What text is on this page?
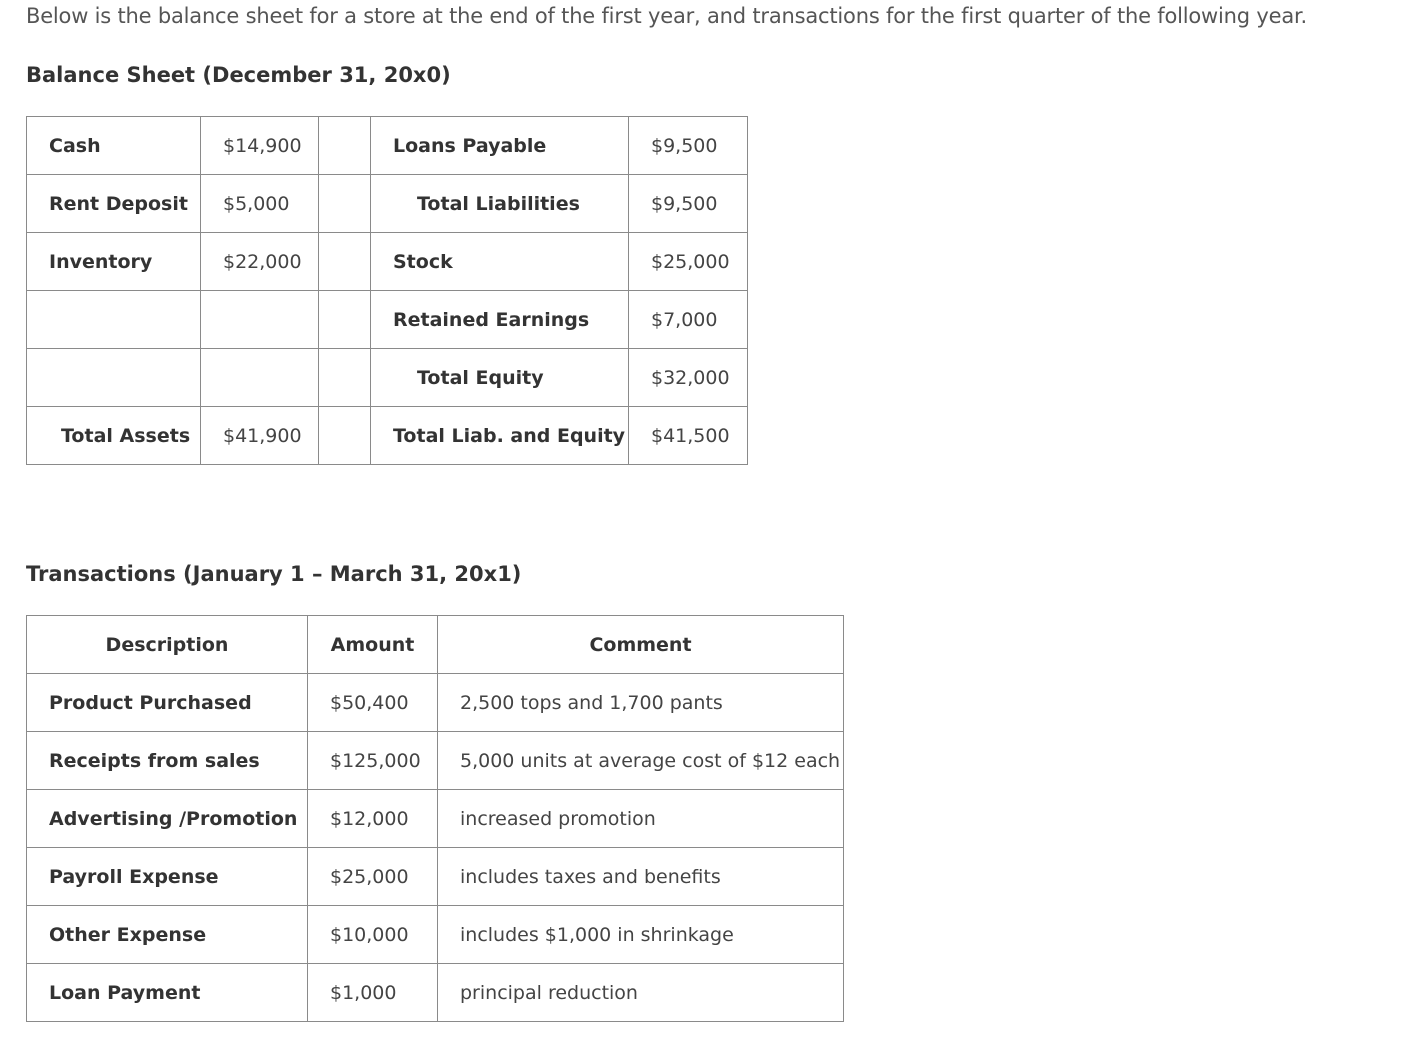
Below is the balance sheet for a store at the end of the first year, and transactions for the first quarter of the following year.
Balance Sheet (December 31, 20x0)
Cash	$14,900		Loans Payable	$9,500
Rent Deposit	$5,000		Total Liabilities	$9,500
Inventory	$22,000		Stock	$25,000
			Retained Earnings	$7,000
			Total Equity	$32,000
Total Assets	$41,900		Total Liab. and Equity	$41,500
Transactions (January 1 – March 31, 20x1)
Description	Amount	Comment
Product Purchased	$50,400	2,500 tops and 1,700 pants
Receipts from sales	$125,000	5,000 units at average cost of $12 each
Advertising /Promotion	$12,000	increased promotion
Payroll Expense	$25,000	includes taxes and benefits
Other Expense	$10,000	includes $1,000 in shrinkage
Loan Payment	$1,000	principal reduction
